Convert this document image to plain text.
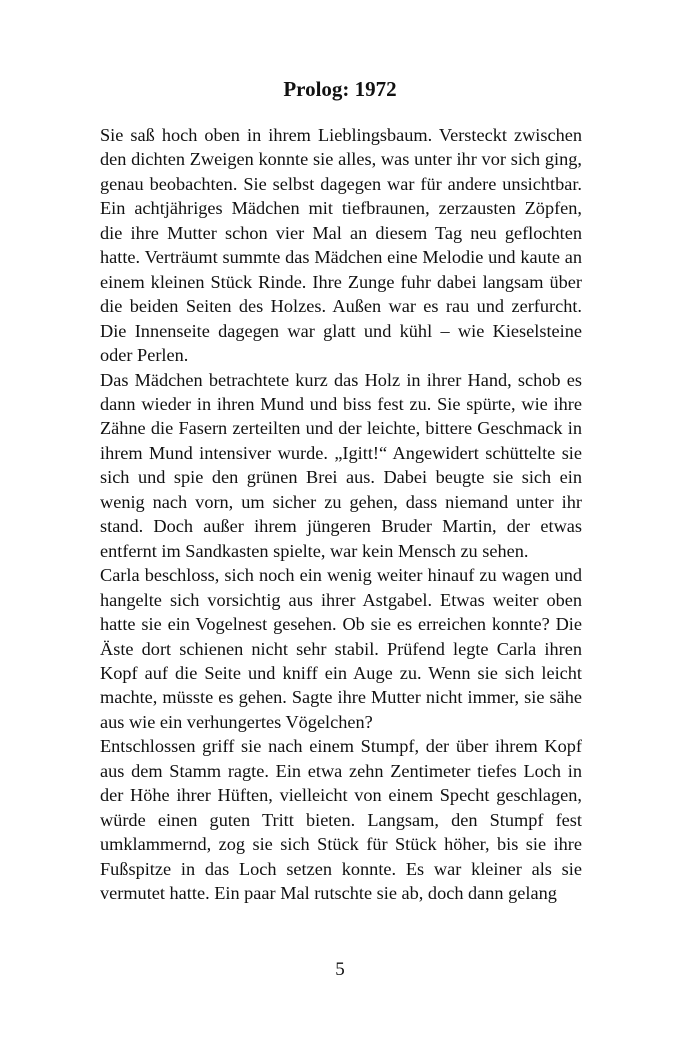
Prolog: 1972

Sie saß hoch oben in ihrem Lieblingsbaum. Versteckt zwischen den dichten Zweigen konnte sie alles, was unter ihr vor sich ging, genau beobachten. Sie selbst dagegen war für andere unsichtbar. Ein achtjähriges Mädchen mit tiefbraunen, zerzausten Zöpfen, die ihre Mutter schon vier Mal an diesem Tag neu geflochten hatte. Verträumt summte das Mädchen eine Melodie und kaute an einem kleinen Stück Rinde. Ihre Zunge fuhr dabei langsam über die beiden Seiten des Holzes. Außen war es rau und zerfurcht. Die Innenseite dagegen war glatt und kühl – wie Kieselsteine oder Perlen.

Das Mädchen betrachtete kurz das Holz in ihrer Hand, schob es dann wieder in ihren Mund und biss fest zu. Sie spürte, wie ihre Zähne die Fasern zerteilten und der leichte, bittere Geschmack in ihrem Mund intensiver wurde. „Igitt!“ Angewidert schüttelte sie sich und spie den grünen Brei aus. Dabei beugte sie sich ein wenig nach vorn, um sicher zu gehen, dass niemand unter ihr stand. Doch außer ihrem jüngeren Bruder Martin, der etwas entfernt im Sandkasten spielte, war kein Mensch zu sehen.

Carla beschloss, sich noch ein wenig weiter hinauf zu wagen und hangelte sich vorsichtig aus ihrer Astgabel. Etwas weiter oben hatte sie ein Vogelnest gesehen. Ob sie es erreichen konnte? Die Äste dort schienen nicht sehr stabil. Prüfend legte Carla ihren Kopf auf die Seite und kniff ein Auge zu. Wenn sie sich leicht machte, müsste es gehen. Sagte ihre Mutter nicht immer, sie sähe aus wie ein verhungertes Vögelchen?

Entschlossen griff sie nach einem Stumpf, der über ihrem Kopf aus dem Stamm ragte. Ein etwa zehn Zentimeter tiefes Loch in der Höhe ihrer Hüften, vielleicht von einem Specht geschlagen, würde einen guten Tritt bieten. Langsam, den Stumpf fest umklammernd, zog sie sich Stück für Stück höher, bis sie ihre Fußspitze in das Loch setzen konnte. Es war kleiner als sie vermutet hatte. Ein paar Mal rutschte sie ab, doch dann gelang

5
